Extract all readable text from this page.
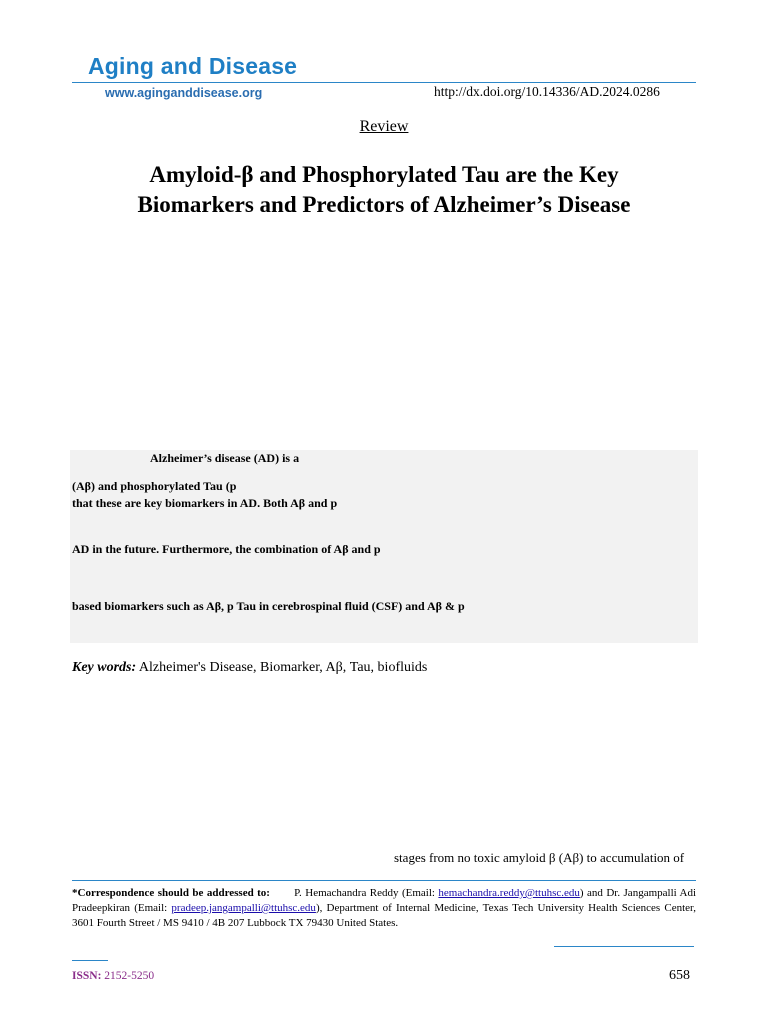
Aging and Disease
www.aginganddisease.org	http://dx.doi.org/10.14336/AD.2024.0286
Review
Amyloid-β and Phosphorylated Tau are the Key
Biomarkers and Predictors of Alzheimer’s Disease
Alzheimer’s disease (AD) is a
(Aβ) and phosphorylated Tau (p
that these are key biomarkers in AD. Both Aβ and p
AD in the future. Furthermore, the combination of Aβ and p
based biomarkers such as Aβ, p Tau in cerebrospinal fluid (CSF) and Aβ & p
Key words: Alzheimer's Disease, Biomarker, Aβ, Tau, biofluids
stages from no toxic amyloid β (Aβ) to accumulation of
*Correspondence should be addressed to: P. Hemachandra Reddy (Email: hemachandra.reddy@ttuhsc.edu) and Dr. Jangampalli Adi Pradeepkiran (Email: pradeep.jangampalli@ttuhsc.edu), Department of Internal Medicine, Texas Tech University Health Sciences Center, 3601 Fourth Street / MS 9410 / 4B 207 Lubbock TX 79430 United States.
ISSN: 2152-5250	658
